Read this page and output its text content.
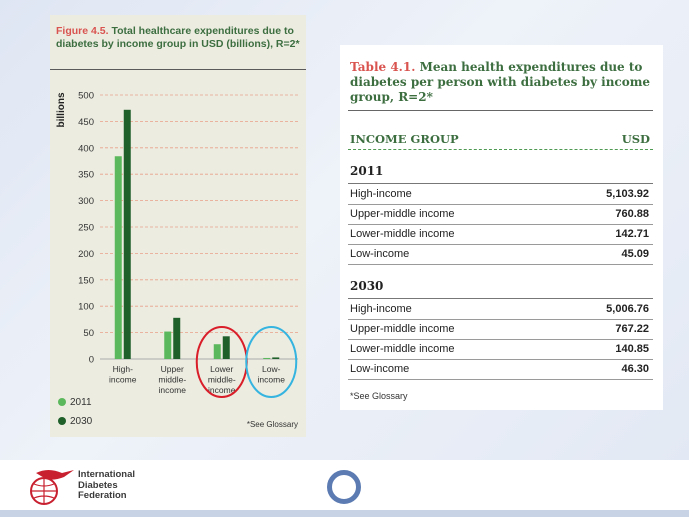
Figure 4.5. Total healthcare expenditures due to diabetes by income group in USD (billions), R=2*
billions
0
50
100
150
200
250
300
350
400
450
500
High-
income
Upper
middle-
income
Lower
middle-
income
Low-
income
2011
2030	*See Glossary
Table 4.1. Mean health expenditures due to diabetes per person with diabetes by income group, R=2*
INCOME GROUP	USD
2011
High-income	5,103.92
Upper-middle income	760.88
Lower-middle income	142.71
Low-income	45.09
2030
High-income	5,006.76
Upper-middle income	767.22
Lower-middle income	140.85
Low-income	46.30
*See Glossary
International
Diabetes
Federation
